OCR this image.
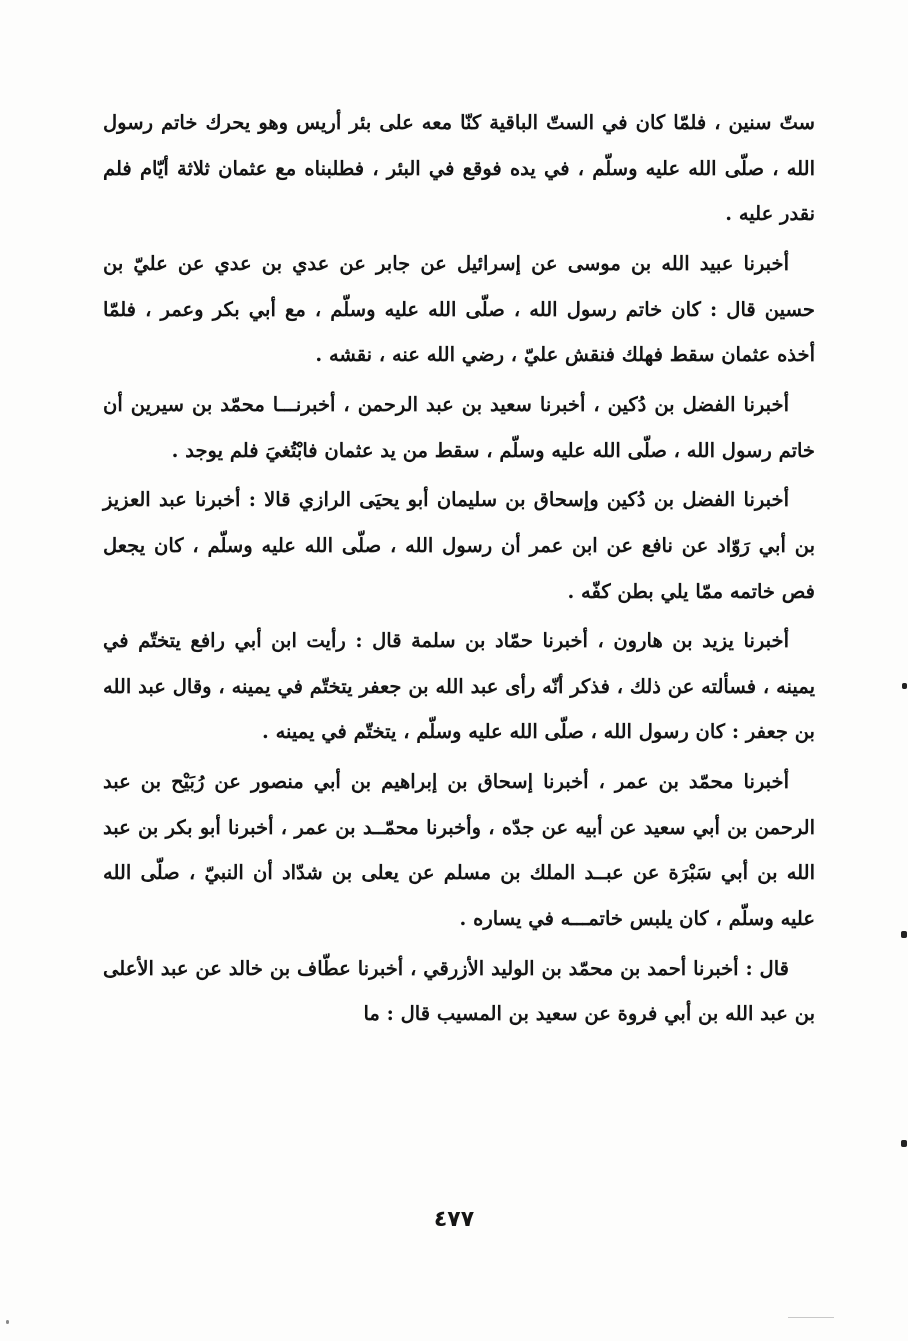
ستّ سنين ، فلمّا كان في الستّ الباقية كنّا معه على بئر أريس وهو يحرك خاتم رسول الله ، صلّى الله عليه وسلّم ، في يده فوقع في البئر ، فطلبناه مع عثمان ثلاثة أيّام فلم نقدر عليه .

أخبرنا عبيد الله بن موسى عن إسرائيل عن جابر عن عدي بن عدي عن عليّ بن حسين قال : كان خاتم رسول الله ، صلّى الله عليه وسلّم ، مع أبي بكر وعمر ، فلمّا أخذه عثمان سقط فهلك فنقش عليّ ، رضي الله عنه ، نقشه .

أخبرنا الفضل بن دُكين ، أخبرنا سعيد بن عبد الرحمن ، أخبرنـــا محمّد بن سيرين أن خاتم رسول الله ، صلّى الله عليه وسلّم ، سقط من يد عثمان فابْتُغيَ فلم يوجد .

أخبرنا الفضل بن دُكين وإسحاق بن سليمان أبو يحيَى الرازي قالا : أخبرنا عبد العزيز بن أبي رَوّاد عن نافع عن ابن عمر أن رسول الله ، صلّى الله عليه وسلّم ، كان يجعل فص خاتمه ممّا يلي بطن كفّه .

أخبرنا يزيد بن هارون ، أخبرنا حمّاد بن سلمة قال : رأيت ابن أبي رافع يتختّم في يمينه ، فسألته عن ذلك ، فذكر أنّه رأى عبد الله بن جعفر يتختّم في يمينه ، وقال عبد الله بن جعفر : كان رسول الله ، صلّى الله عليه وسلّم ، يتختّم في يمينه .

أخبرنا محمّد بن عمر ، أخبرنا إسحاق بن إبراهيم بن أبي منصور عن رُبَيْح بن عبد الرحمن بن أبي سعيد عن أبيه عن جدّه ، وأخبرنا محمّــد بن عمر ، أخبرنا أبو بكر بن عبد الله بن أبي سَبْرَة عن عبــد الملك بن مسلم عن يعلى بن شدّاد أن النبيّ ، صلّى الله عليه وسلّم ، كان يلبس خاتمـــه في يساره .

قال : أخبرنا أحمد بن محمّد بن الوليد الأزرقي ، أخبرنا عطّاف بن خالد عن عبد الأعلى بن عبد الله بن أبي فروة عن سعيد بن المسيب قال : ما

٤٧٧
